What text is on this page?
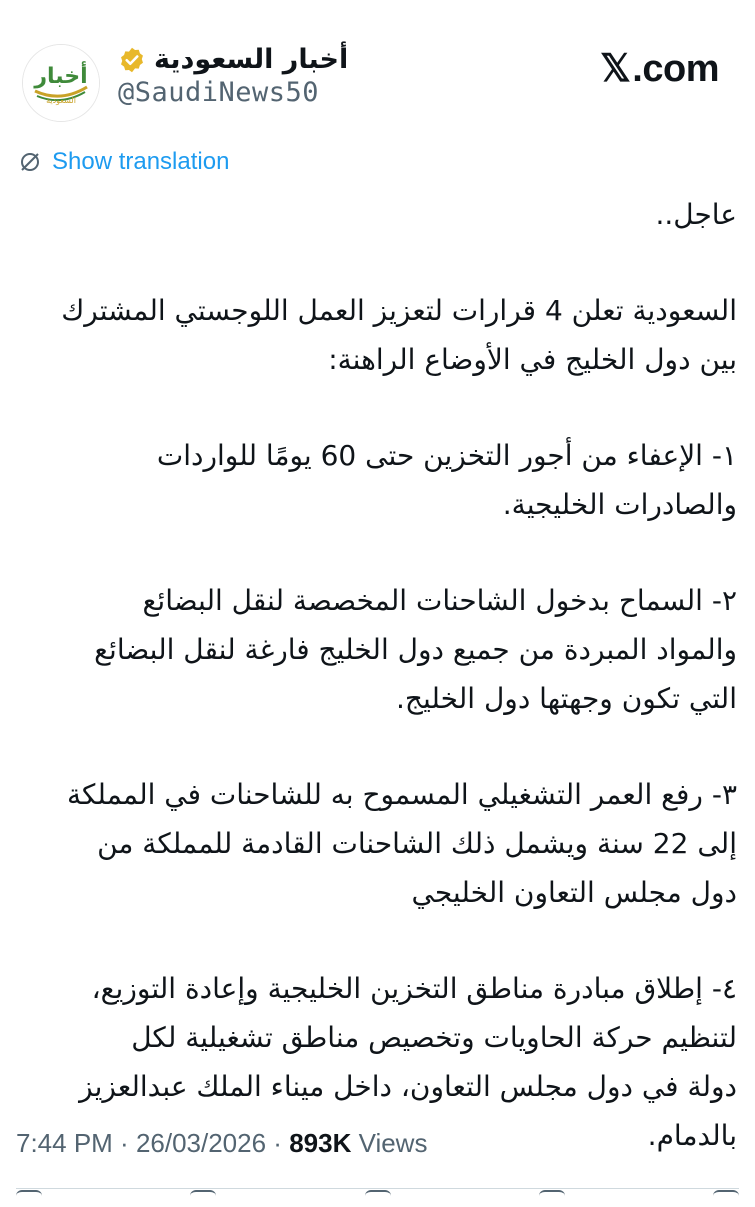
أخبار
السعودية
أخبار السعودية
@SaudiNews50
𝕏.com
Show translation

عاجل..

السعودية تعلن 4 قرارات لتعزيز العمل اللوجستي المشترك
بين دول الخليج في الأوضاع الراهنة:

١- الإعفاء من أجور التخزين حتى 60 يومًا للواردات
والصادرات الخليجية.

٢- السماح بدخول الشاحنات المخصصة لنقل البضائع
والمواد المبردة من جميع دول الخليج فارغة لنقل البضائع
التي تكون وجهتها دول الخليج.

٣- رفع العمر التشغيلي المسموح به للشاحنات في المملكة
إلى 22 سنة ويشمل ذلك الشاحنات القادمة للمملكة من
دول مجلس التعاون الخليجي

٤- إطلاق مبادرة مناطق التخزين الخليجية وإعادة التوزيع،
لتنظيم حركة الحاويات وتخصيص مناطق تشغيلية لكل
دولة في دول مجلس التعاون، داخل ميناء الملك عبدالعزيز
بالدمام.

7:44 PM · 26/03/2026 · 893K Views
